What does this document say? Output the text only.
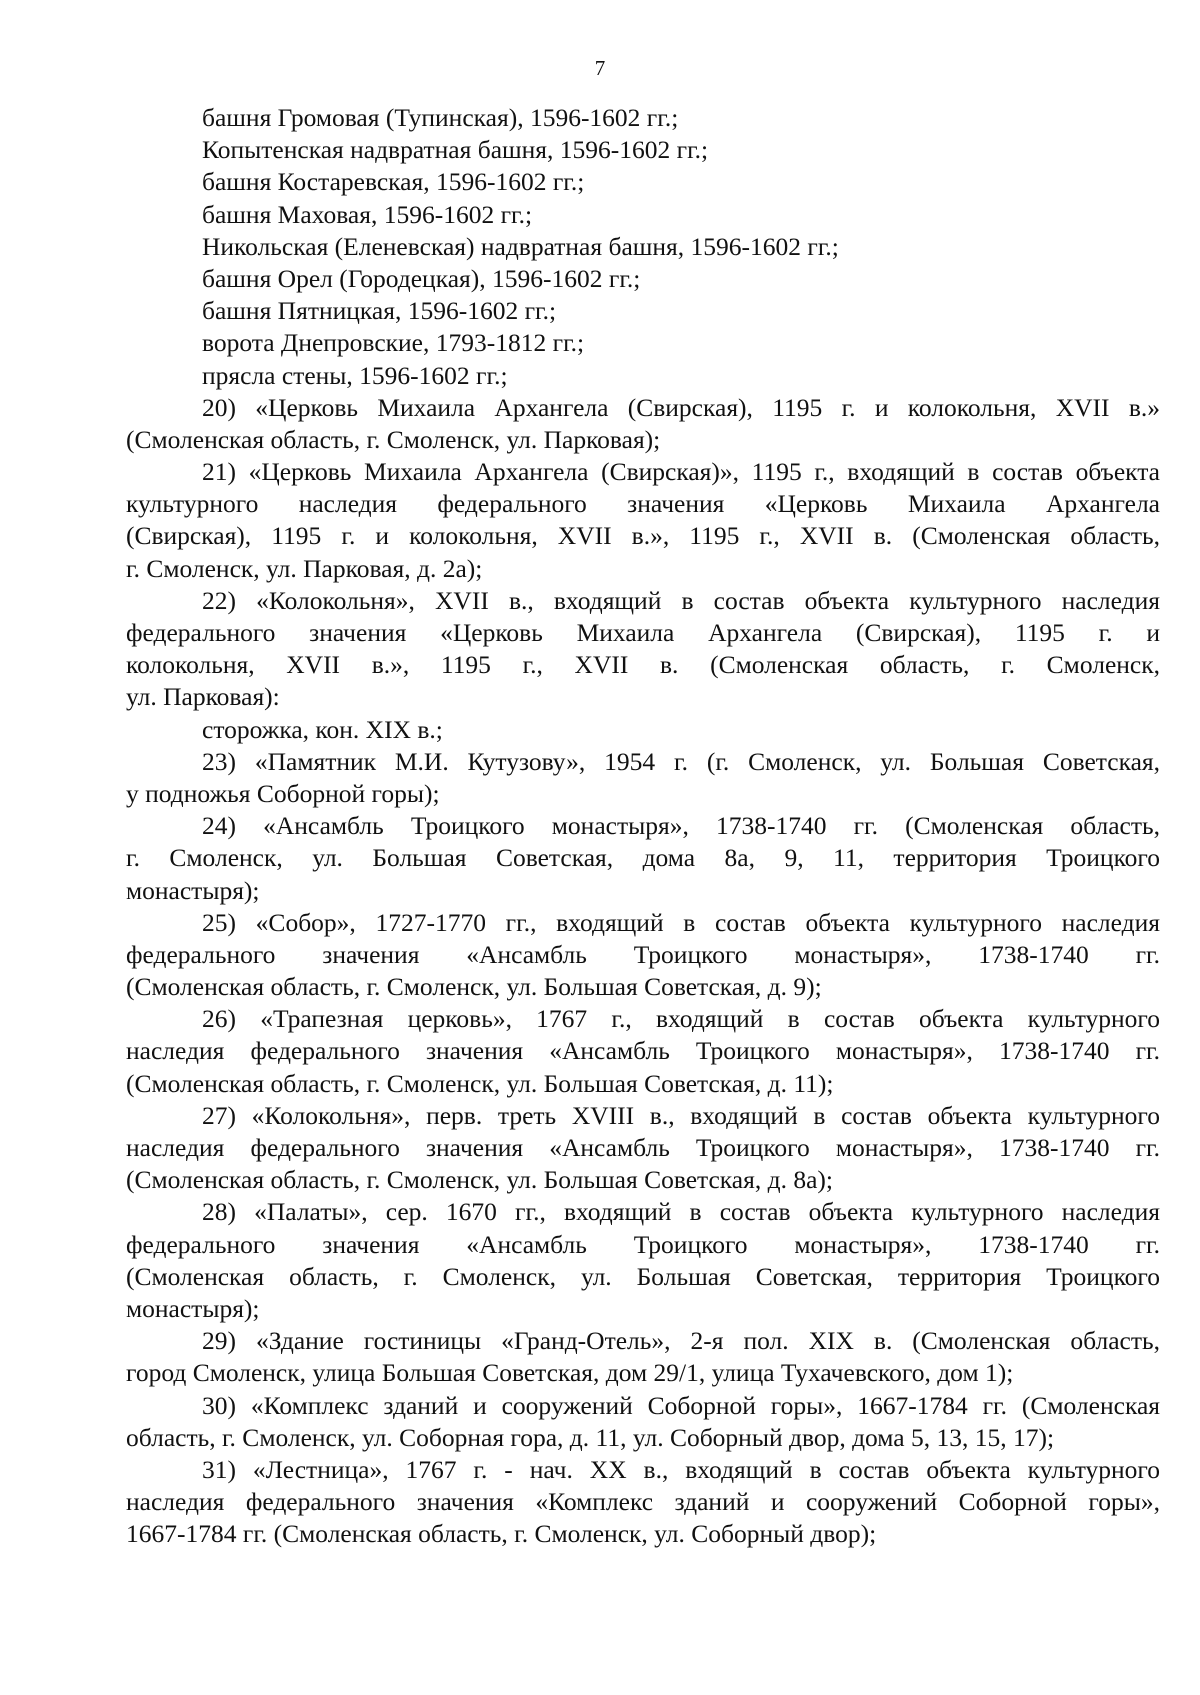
7
башня Громовая (Тупинская), 1596-1602 гг.;
Копытенская надвратная башня, 1596-1602 гг.;
башня Костаревская, 1596-1602 гг.;
башня Маховая, 1596-1602 гг.;
Никольская (Еленевская) надвратная башня, 1596-1602 гг.;
башня Орел (Городецкая), 1596-1602 гг.;
башня Пятницкая, 1596-1602 гг.;
ворота Днепровские, 1793-1812 гг.;
прясла стены, 1596-1602 гг.;
20) «Церковь Михаила Архангела (Свирская), 1195 г. и колокольня, XVII в.»
(Смоленская область, г. Смоленск, ул. Парковая);
21) «Церковь Михаила Архангела (Свирская)», 1195 г., входящий в состав объекта
культурного наследия федерального значения «Церковь Михаила Архангела
(Свирская), 1195 г. и колокольня, XVII в.», 1195 г., XVII в. (Смоленская область,
г. Смоленск, ул. Парковая, д. 2а);
22) «Колокольня», XVII в., входящий в состав объекта культурного наследия
федерального значения «Церковь Михаила Архангела (Свирская), 1195 г. и
колокольня, XVII в.», 1195 г., XVII в. (Смоленская область, г. Смоленск,
ул. Парковая):
сторожка, кон. XIX в.;
23) «Памятник М.И. Кутузову», 1954 г. (г. Смоленск, ул. Большая Советская,
у подножья Соборной горы);
24) «Ансамбль Троицкого монастыря», 1738-1740 гг. (Смоленская область,
г. Смоленск, ул. Большая Советская, дома 8а, 9, 11, территория Троицкого
монастыря);
25) «Собор», 1727-1770 гг., входящий в состав объекта культурного наследия
федерального значения «Ансамбль Троицкого монастыря», 1738-1740 гг.
(Смоленская область, г. Смоленск, ул. Большая Советская, д. 9);
26) «Трапезная церковь», 1767 г., входящий в состав объекта культурного
наследия федерального значения «Ансамбль Троицкого монастыря», 1738-1740 гг.
(Смоленская область, г. Смоленск, ул. Большая Советская, д. 11);
27) «Колокольня», перв. треть XVIII в., входящий в состав объекта культурного
наследия федерального значения «Ансамбль Троицкого монастыря», 1738-1740 гг.
(Смоленская область, г. Смоленск, ул. Большая Советская, д. 8а);
28) «Палаты», сер. 1670 гг., входящий в состав объекта культурного наследия
федерального значения «Ансамбль Троицкого монастыря», 1738-1740 гг.
(Смоленская область, г. Смоленск, ул. Большая Советская, территория Троицкого
монастыря);
29) «Здание гостиницы «Гранд-Отель», 2-я пол. XIX в. (Смоленская область,
город Смоленск, улица Большая Советская, дом 29/1, улица Тухачевского, дом 1);
30) «Комплекс зданий и сооружений Соборной горы», 1667-1784 гг. (Смоленская
область, г. Смоленск, ул. Соборная гора, д. 11, ул. Соборный двор, дома 5, 13, 15, 17);
31) «Лестница», 1767 г. - нач. XX в., входящий в состав объекта культурного
наследия федерального значения «Комплекс зданий и сооружений Соборной горы»,
1667-1784 гг. (Смоленская область, г. Смоленск, ул. Соборный двор);
